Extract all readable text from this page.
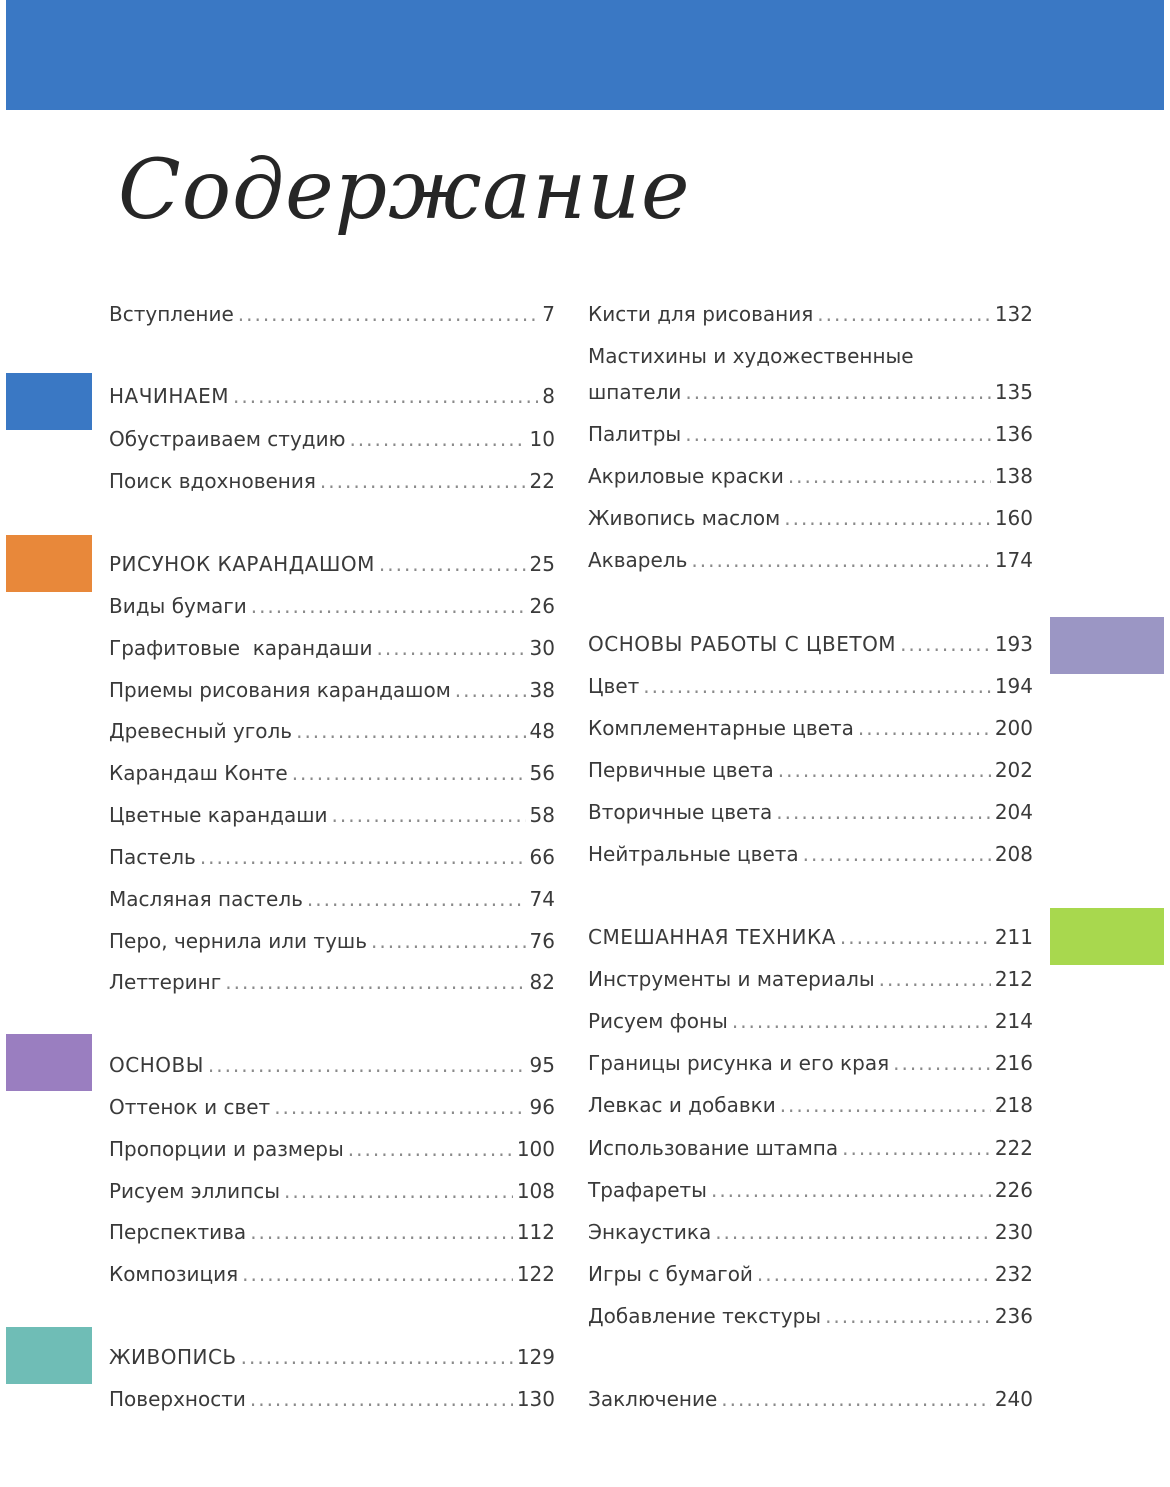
Содержание
Вступление .....	7
НАЧИНАЕМ .....	8
Обустраиваем студию .....	10
Поиск вдохновения .....	22
РИСУНОК КАРАНДАШОМ .....	25
Виды бумаги .....	26
Графитовые  карандаши .....	30
Приемы рисования карандашом .....	38
Древесный уголь .....	48
Карандаш Конте .....	56
Цветные карандаши .....	58
Пастель .....	66
Масляная пастель .....	74
Перо, чернила или тушь .....	76
Леттеринг .....	82
ОСНОВЫ .....	95
Оттенок и свет .....	96
Пропорции и размеры .....	100
Рисуем эллипсы .....	108
Перспектива .....	112
Композиция .....	122
ЖИВОПИСЬ .....	129
Поверхности .....	130
Кисти для рисования .....	132
Мастихины и художественные
шпатели .....	135
Палитры .....	136
Акриловые краски .....	138
Живопись маслом .....	160
Акварель .....	174
ОСНОВЫ РАБОТЫ С ЦВЕТОМ .....	193
Цвет .....	194
Комплементарные цвета .....	200
Первичные цвета .....	202
Вторичные цвета .....	204
Нейтральные цвета .....	208
СМЕШАННАЯ ТЕХНИКА .....	211
Инструменты и материалы .....	212
Рисуем фоны .....	214
Границы рисунка и его края .....	216
Левкас и добавки .....	218
Использование штампа .....	222
Трафареты .....	226
Энкаустика .....	230
Игры с бумагой .....	232
Добавление текстуры .....	236
Заключение .....	240
